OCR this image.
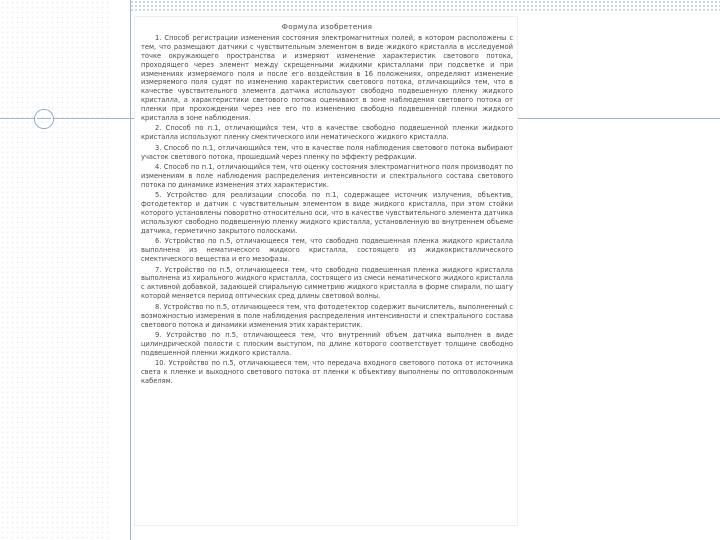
Формула изобретения

1. Способ регистрации изменения состояния электромагнитных полей, в котором расположены с тем, что размещают датчики с чувствительным элементом в виде жидкого кристалла в исследуемой точке окружающего пространства и измеряют изменение характеристик светового потока, проходящего через элемент между скрещенными жидкими кристаллами при подсветке и при изменениях измеряемого поля и после его воздействия в 16 положениях, определяют изменение измеряемого поля судят по изменению характеристик светового потока, отличающийся тем, что в качестве чувствительного элемента датчика используют свободно подвешенную пленку жидкого кристалла, а характеристики светового потока оценивают в зоне наблюдения светового потока от пленки при прохождении через нее его по изменению свободно подвешенной пленки жидкого кристалла в зоне наблюдения.

2. Способ по п.1, отличающийся тем, что в качестве свободно подвешенной пленки жидкого кристалла используют пленку смектического или нематического жидкого кристалла.

3. Способ по п.1, отличающийся тем, что в качестве поля наблюдения светового потока выбирают участок светового потока, прошедший через пленку по эффекту рефракции.

4. Способ по п.1, отличающийся тем, что оценку состояния электромагнитного поля производят по изменениям в поле наблюдения распределения интенсивности и спектрального состава светового потока по динамике изменения этих характеристик.

5. Устройство для реализации способа по п.1, содержащее источник излучения, объектив, фотодетектор и датчик с чувствительным элементом в виде жидкого кристалла, при этом стойки которого установлены поворотно относительно оси, что в качестве чувствительного элемента датчика используют свободно подвешенную пленку жидкого кристалла, установленную во внутреннем объеме датчика, герметично закрытого полосками.

6. Устройство по п.5, отличающееся тем, что свободно подвешенная пленка жидкого кристалла выполнена из нематического жидкого кристалла, состоящего из жидкокристаллического смектического вещества и его мезофазы.

7. Устройство по п.5, отличающееся тем, что свободно подвешенная пленка жидкого кристалла выполнена из хирального жидкого кристалла, состоящего из смеси нематического жидкого кристалла с активной добавкой, задающей спиральную симметрию жидкого кристалла в форме спирали, по шагу которой меняется период оптических сред длины световой волны.

8. Устройство по п.5, отличающееся тем, что фотодетектор содержит вычислитель, выполненный с возможностью измерения в поле наблюдения распределения интенсивности и спектрального состава светового потока и динамики изменения этих характеристик.

9. Устройство по п.5, отличающееся тем, что внутренний объем датчика выполнен в виде цилиндрической полости с плоским выступом, по длине которого соответствует толщине свободно подвешенной пленки жидкого кристалла.

10. Устройство по п.5, отличающееся тем, что передача входного светового потока от источника света к пленке и выходного светового потока от пленки к объективу выполнены по оптоволоконным кабелям.
